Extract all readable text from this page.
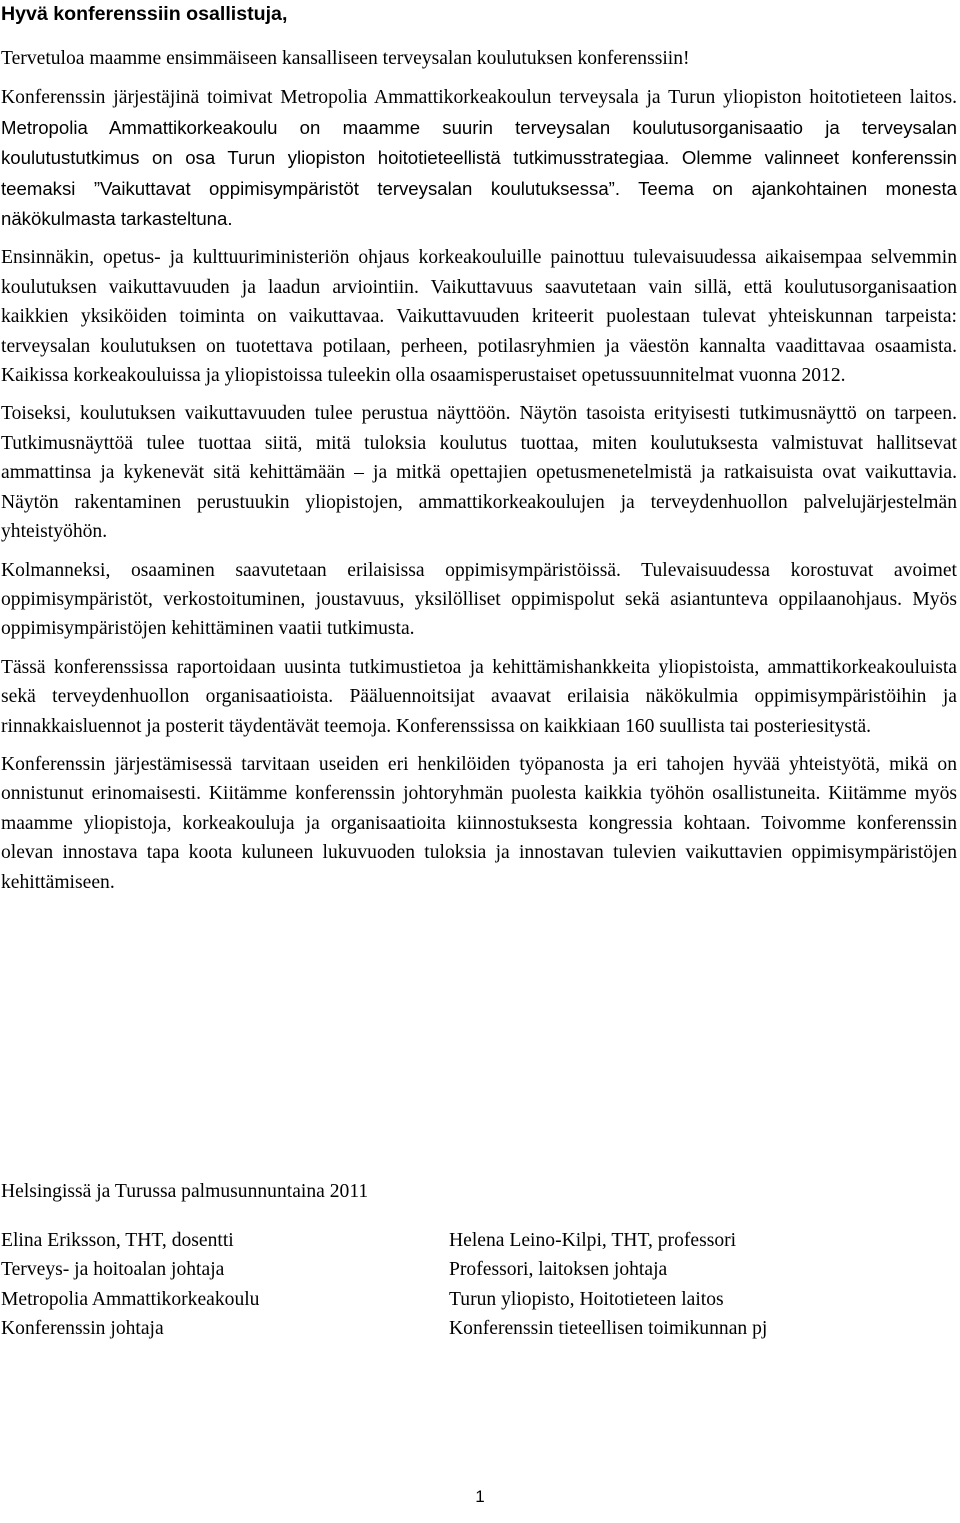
Hyvä konferenssiin osallistuja,

Tervetuloa maamme ensimmäiseen kansalliseen terveysalan koulutuksen konferenssiin!

Konferenssin järjestäjinä toimivat Metropolia Ammattikorkeakoulun terveysala ja Turun yliopiston hoitotieteen laitos. Metropolia Ammattikorkeakoulu on maamme suurin terveysalan koulutusorganisaatio ja terveysalan koulutustutkimus on osa Turun yliopiston hoitotieteellistä tutkimusstrategiaa. Olemme valinneet konferenssin teemaksi ”Vaikuttavat oppimisympäristöt terveysalan koulutuksessa”. Teema on ajankohtainen monesta näkökulmasta tarkasteltuna.

Ensinnäkin, opetus- ja kulttuuriministeriön ohjaus korkeakouluille painottuu tulevaisuudessa aikaisempaa selvemmin koulutuksen vaikuttavuuden ja laadun arviointiin. Vaikuttavuus saavutetaan vain sillä, että koulutusorganisaation kaikkien yksiköiden toiminta on vaikuttavaa. Vaikuttavuuden kriteerit puolestaan tulevat yhteiskunnan tarpeista: terveysalan koulutuksen on tuotettava potilaan, perheen, potilasryhmien ja väestön kannalta vaadittavaa osaamista. Kaikissa korkeakouluissa ja yliopistoissa tuleekin olla osaamisperustaiset opetussuunnitelmat vuonna 2012.

Toiseksi, koulutuksen vaikuttavuuden tulee perustua näyttöön. Näytön tasoista erityisesti tutkimusnäyttö on tarpeen. Tutkimusnäyttöä tulee tuottaa siitä, mitä tuloksia koulutus tuottaa, miten koulutuksesta valmistuvat hallitsevat ammattinsa ja kykenevät sitä kehittämään – ja mitkä opettajien opetusmenetelmistä ja ratkaisuista ovat vaikuttavia. Näytön rakentaminen perustuukin yliopistojen, ammattikorkeakoulujen ja terveydenhuollon palvelujärjestelmän yhteistyöhön.

Kolmanneksi, osaaminen saavutetaan erilaisissa oppimisympäristöissä. Tulevaisuudessa korostuvat avoimet oppimisympäristöt, verkostoituminen, joustavuus, yksilölliset oppimispolut sekä asiantunteva oppilaanohjaus. Myös oppimisympäristöjen kehittäminen vaatii tutkimusta.

Tässä konferenssissa raportoidaan uusinta tutkimustietoa ja kehittämishankkeita yliopistoista, ammattikorkeakouluista sekä terveydenhuollon organisaatioista. Pääluennoitsijat avaavat erilaisia näkökulmia oppimisympäristöihin ja rinnakkaisluennot ja posterit täydentävät teemoja. Konferenssissa on kaikkiaan 160 suullista tai posteriesitystä.

Konferenssin järjestämisessä tarvitaan useiden eri henkilöiden työpanosta ja eri tahojen hyvää yhteistyötä, mikä on onnistunut erinomaisesti. Kiitämme konferenssin johtoryhmän puolesta kaikkia työhön osallistuneita. Kiitämme myös maamme yliopistoja, korkeakouluja ja organisaatioita kiinnostuksesta kongressia kohtaan. Toivomme konferenssin olevan innostava tapa koota kuluneen lukuvuoden tuloksia ja innostavan tulevien vaikuttavien oppimisympäristöjen kehittämiseen.

Helsingissä ja Turussa palmusunnuntaina 2011

Elina Eriksson, THT, dosentti
Terveys- ja hoitoalan johtaja
Metropolia Ammattikorkeakoulu
Konferenssin johtaja
Helena Leino-Kilpi, THT, professori
Professori, laitoksen johtaja
Turun yliopisto, Hoitotieteen laitos
Konferenssin tieteellisen toimikunnan pj
1
